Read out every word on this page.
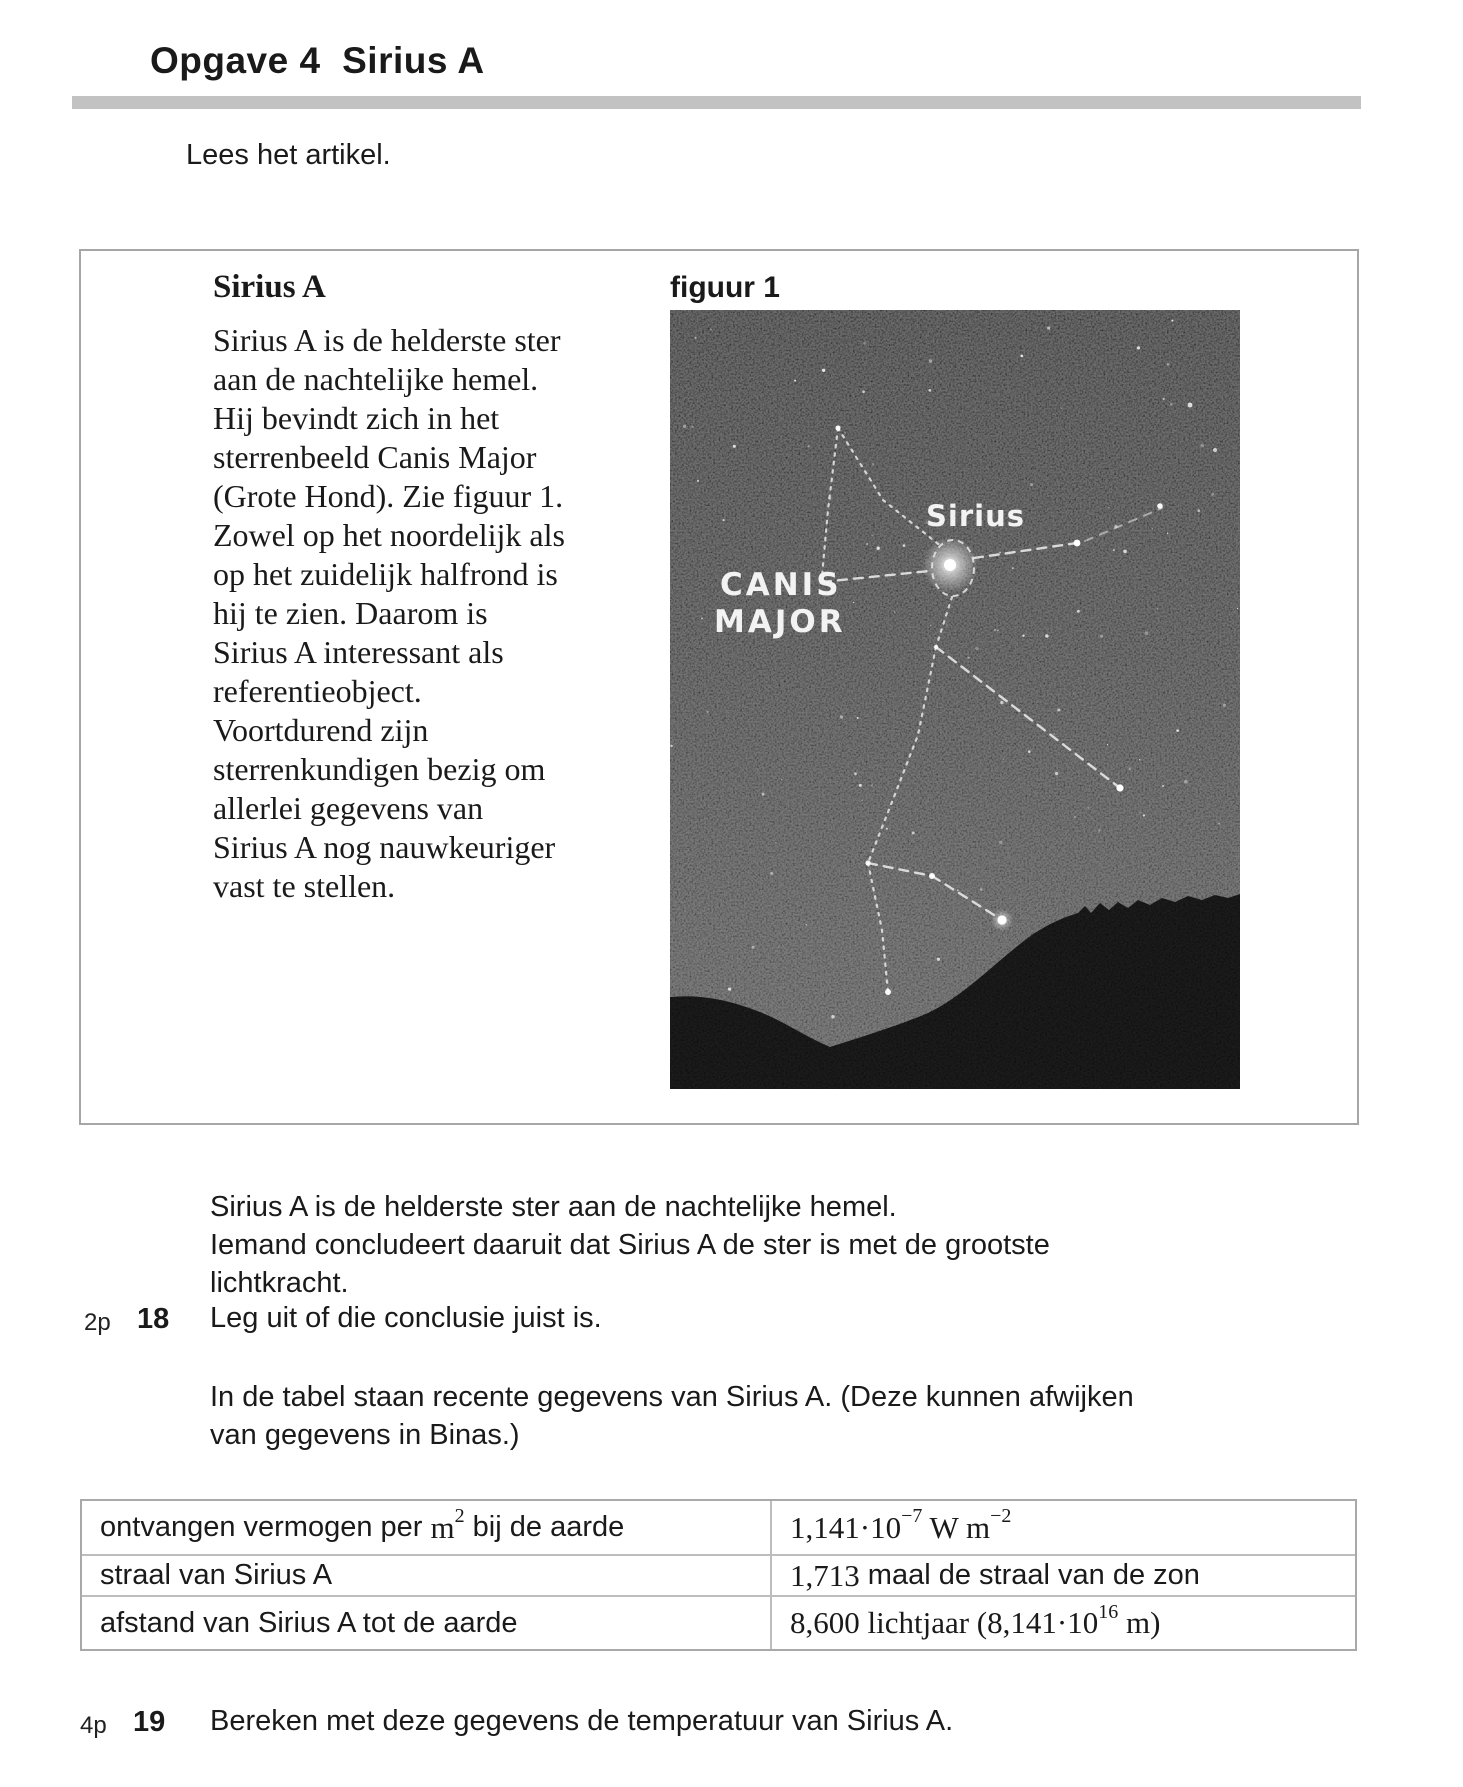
Opgave 4  Sirius A
Lees het artikel.
Sirius A
Sirius A is de helderste ster
aan de nachtelijke hemel.
Hij bevindt zich in het
sterrenbeeld Canis Major
(Grote Hond). Zie figuur 1.
Zowel op het noordelijk als
op het zuidelijk halfrond is
hij te zien. Daarom is
Sirius A interessant als
referentieobject.
Voortdurend zijn
sterrenkundigen bezig om
allerlei gegevens van
Sirius A nog nauwkeuriger
vast te stellen.
figuur 1
Sirius
CANIS
MAJOR
Sirius A is de helderste ster aan de nachtelijke hemel.
Iemand concludeert daaruit dat Sirius A de ster is met de grootste
lichtkracht.
2p 18 Leg uit of die conclusie juist is.
In de tabel staan recente gegevens van Sirius A. (Deze kunnen afwijken
van gegevens in Binas.)
ontvangen vermogen per m 2 bij de aarde	1,141·10 −7 W m −2
straal van Sirius A	1,713 maal de straal van de zon
afstand van Sirius A tot de aarde	8,600 lichtjaar (8,141·10 16 m)
4p 19 Bereken met deze gegevens de temperatuur van Sirius A.
